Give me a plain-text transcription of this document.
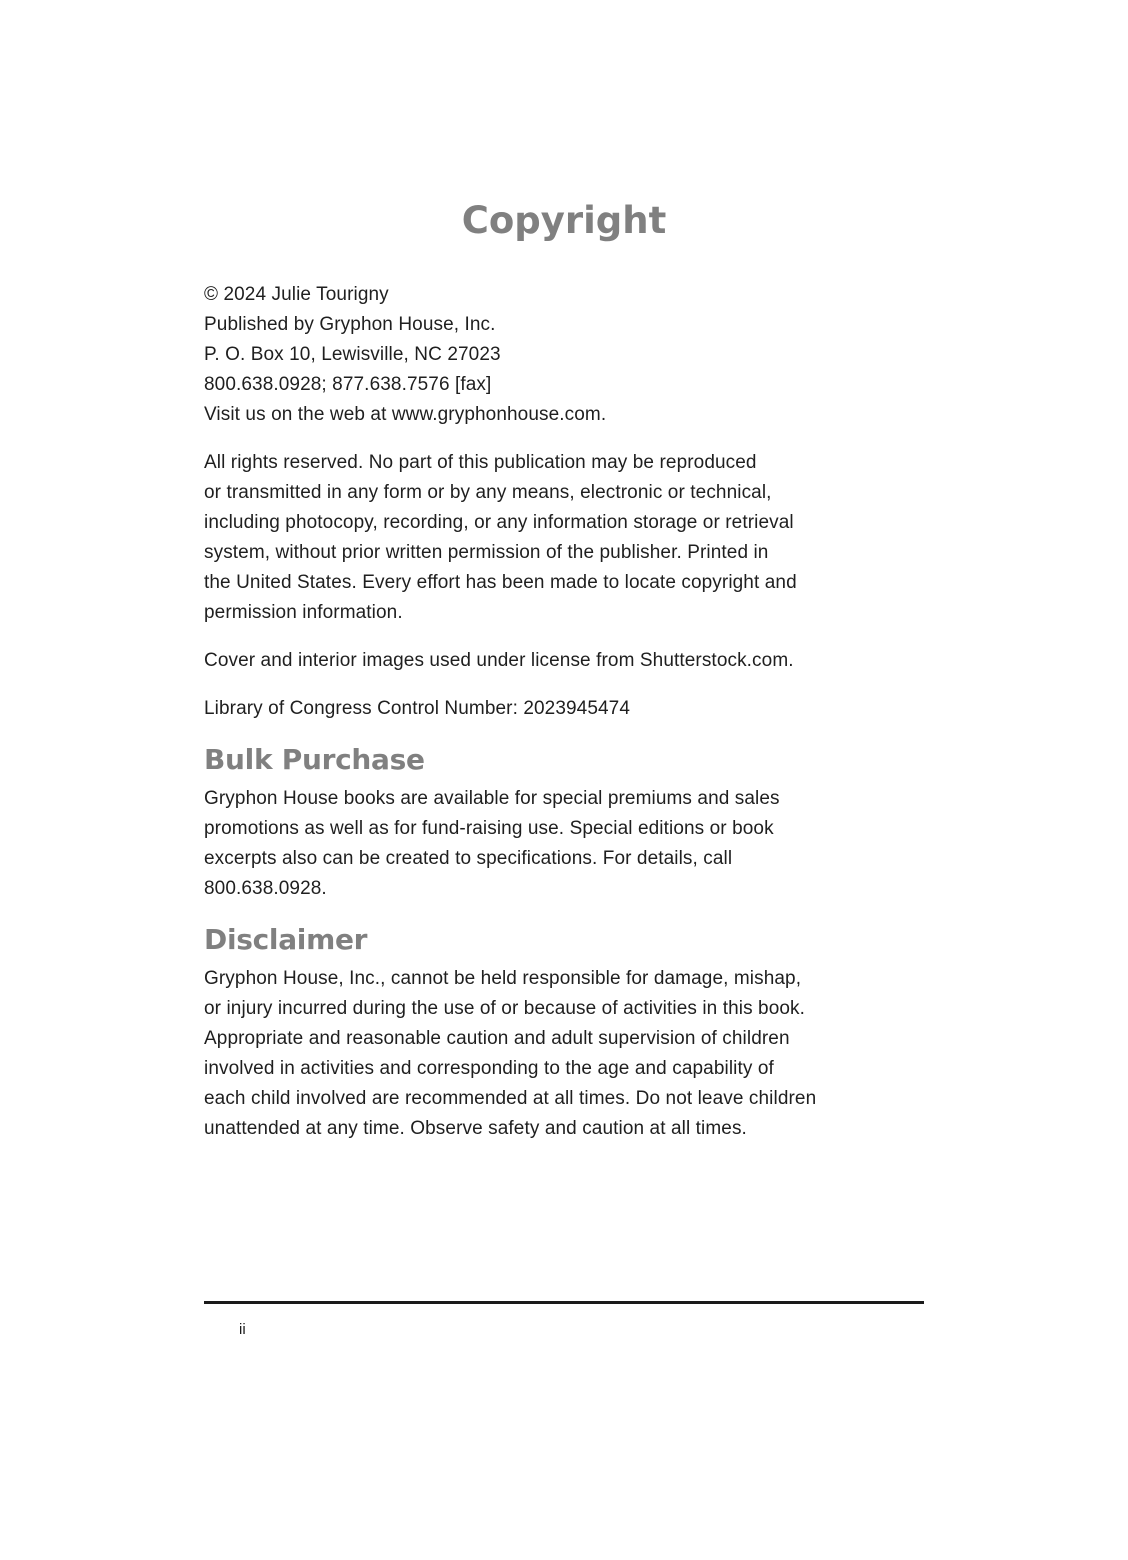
Copyright

© 2024 Julie Tourigny

Published by Gryphon House, Inc.

P. O. Box 10, Lewisville, NC 27023

800.638.0928; 877.638.7576 [fax]

Visit us on the web at www.gryphonhouse.com.

All rights reserved. No part of this publication may be reproduced

or transmitted in any form or by any means, electronic or technical,

including photocopy, recording, or any information storage or retrieval

system, without prior written permission of the publisher. Printed in

the United States. Every effort has been made to locate copyright and

permission information.

Cover and interior images used under license from Shutterstock.com.

Library of Congress Control Number: 2023945474

Bulk Purchase

Gryphon House books are available for special premiums and sales

promotions as well as for fund-raising use. Special editions or book

excerpts also can be created to specifications. For details, call

800.638.0928.

Disclaimer

Gryphon House, Inc., cannot be held responsible for damage, mishap,

or injury incurred during the use of or because of activities in this book.

Appropriate and reasonable caution and adult supervision of children

involved in activities and corresponding to the age and capability of

each child involved are recommended at all times. Do not leave children

unattended at any time. Observe safety and caution at all times.

ii
